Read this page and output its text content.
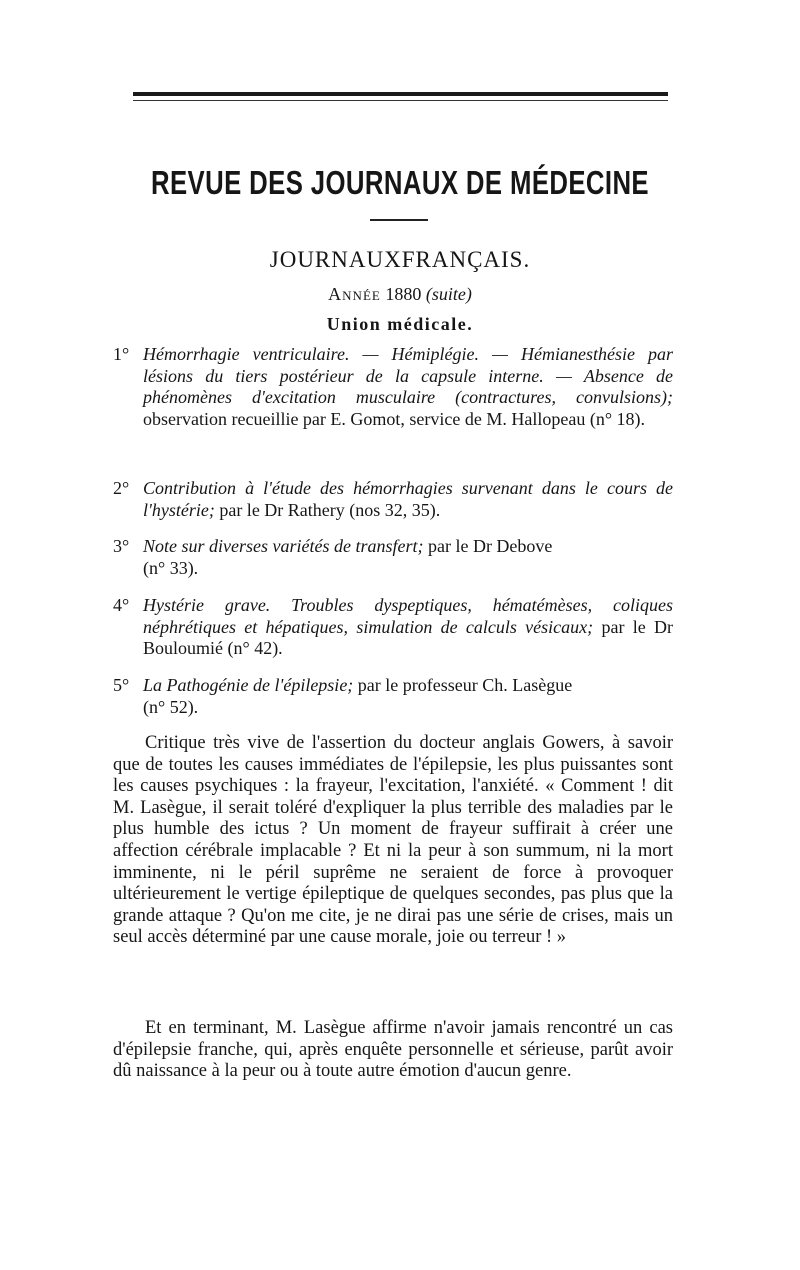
REVUE DES JOURNAUX DE MÉDECINE
JOURNAUXFRANÇAIS.
Année 1880 (suite)
Union médicale.
1° Hémorrhagie ventriculaire. — Hémiplégie. — Hémianesthésie par lésions du tiers postérieur de la capsule interne. — Absence de phénomènes d'excitation musculaire (contractures, convulsions); observation recueillie par E. Gomot, service de M. Hallopeau (n° 18).
2° Contribution à l'étude des hémorrhagies survenant dans le cours de l'hystérie; par le Dr Rathery (nos 32, 35).
3° Note sur diverses variétés de transfert; par le Dr Debove
(n° 33).
4° Hystérie grave. Troubles dyspeptiques, hématémèses, coliques néphrétiques et hépatiques, simulation de calculs vésicaux; par le Dr Bouloumié (n° 42).
5° La Pathogénie de l'épilepsie; par le professeur Ch. Lasègue
(n° 52).

Critique très vive de l'assertion du docteur anglais Gowers, à savoir que de toutes les causes immédiates de l'épilepsie, les plus puissantes sont les causes psychiques : la frayeur, l'excitation, l'anxiété. « Comment ! dit M. Lasègue, il serait toléré d'expliquer la plus terrible des maladies par le plus humble des ictus ? Un moment de frayeur suffirait à créer une affection cérébrale implacable ? Et ni la peur à son summum, ni la mort imminente, ni le péril suprême ne seraient de force à provoquer ultérieurement le vertige épileptique de quelques secondes, pas plus que la grande attaque ? Qu'on me cite, je ne dirai pas une série de crises, mais un seul accès déterminé par une cause morale, joie ou terreur ! »

Et en terminant, M. Lasègue affirme n'avoir jamais rencontré un cas d'épilepsie franche, qui, après enquête personnelle et sérieuse, parût avoir dû naissance à la peur ou à toute autre émotion d'aucun genre.
